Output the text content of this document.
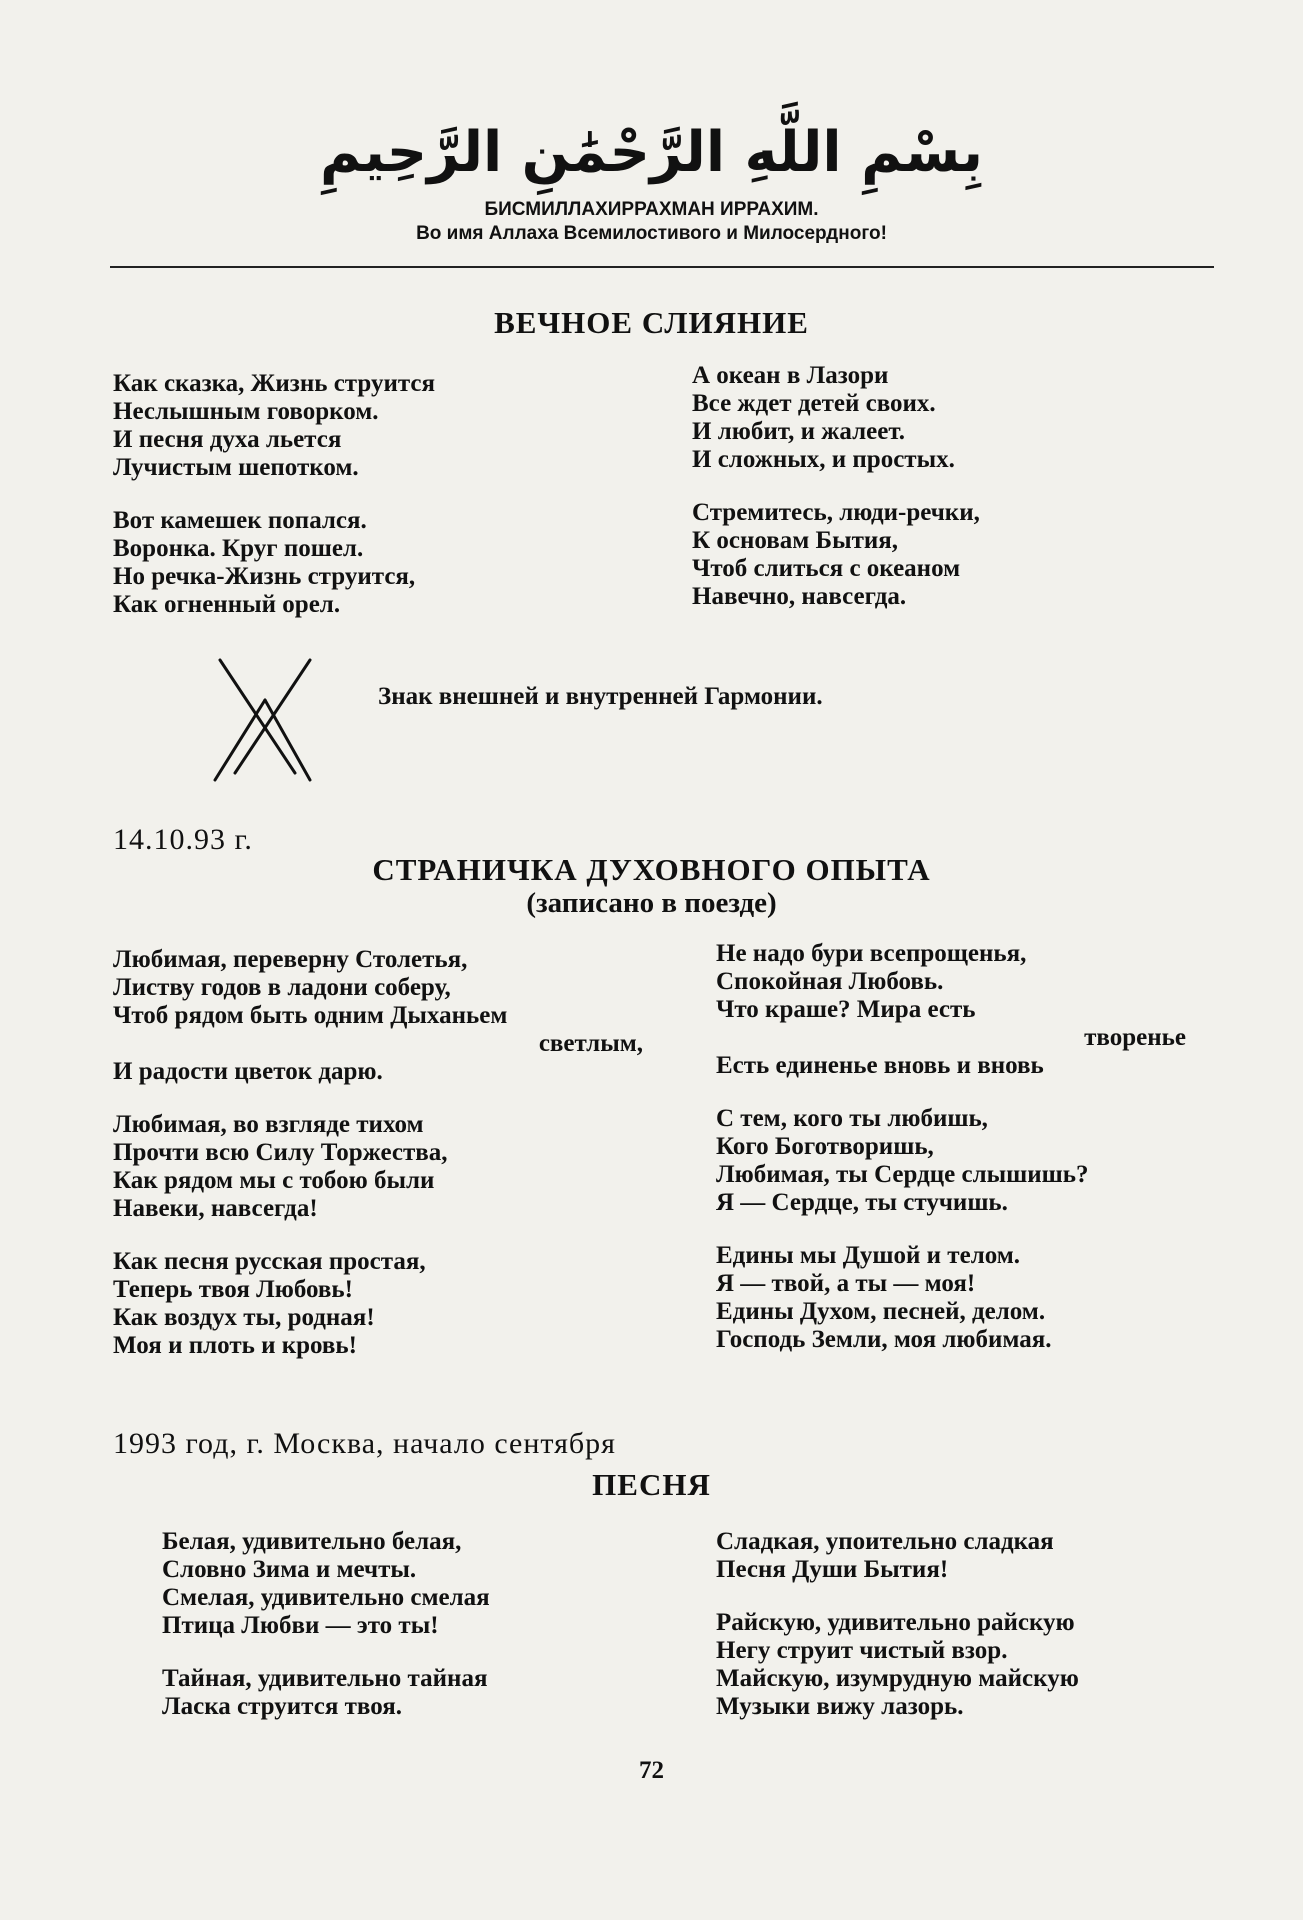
بِسْمِ اللَّهِ الرَّحْمَٰنِ الرَّحِيمِ
БИСМИЛЛАХИРРАХМАН ИРРАХИМ.
Во имя Аллаха Всемилостивого и Милосердного!
ВЕЧНОЕ СЛИЯНИЕ
Как сказка, Жизнь струится
Неслышным говорком.
И песня духа льется
Лучистым шепотком.
Вот камешек попался.
Воронка. Круг пошел.
Но речка-Жизнь струится,
Как огненный орел.
А океан в Лазори
Все ждет детей своих.
И любит, и жалеет.
И сложных, и простых.
Стремитесь, люди-речки,
К основам Бытия,
Чтоб слиться с океаном
Навечно, навсегда.
Знак внешней и внутренней Гармонии.
14.10.93 г.
СТРАНИЧКА ДУХОВНОГО ОПЫТА
(записано в поезде)
Любимая, переверну Столетья,
Листву годов в ладони соберу,
Чтоб рядом быть одним Дыханьем
светлым,
И радости цветок дарю.
Любимая, во взгляде тихом
Прочти всю Силу Торжества,
Как рядом мы с тобою были
Навеки, навсегда!
Как песня русская простая,
Теперь твоя Любовь!
Как воздух ты, родная!
Моя и плоть и кровь!
Не надо бури всепрощенья,
Спокойная Любовь.
Что краше? Мира есть
творенье
Есть единенье вновь и вновь
С тем, кого ты любишь,
Кого Боготворишь,
Любимая, ты Сердце слышишь?
Я — Сердце, ты стучишь.
Едины мы Душой и телом.
Я — твой, а ты — моя!
Едины Духом, песней, делом.
Господь Земли, моя любимая.
1993 год, г. Москва, начало сентября
ПЕСНЯ
Белая, удивительно белая,
Словно Зима и мечты.
Смелая, удивительно смелая
Птица Любви — это ты!
Тайная, удивительно тайная
Ласка струится твоя.
Сладкая, упоительно сладкая
Песня Души Бытия!
Райскую, удивительно райскую
Негу струит чистый взор.
Майскую, изумрудную майскую
Музыки вижу лазорь.
72
